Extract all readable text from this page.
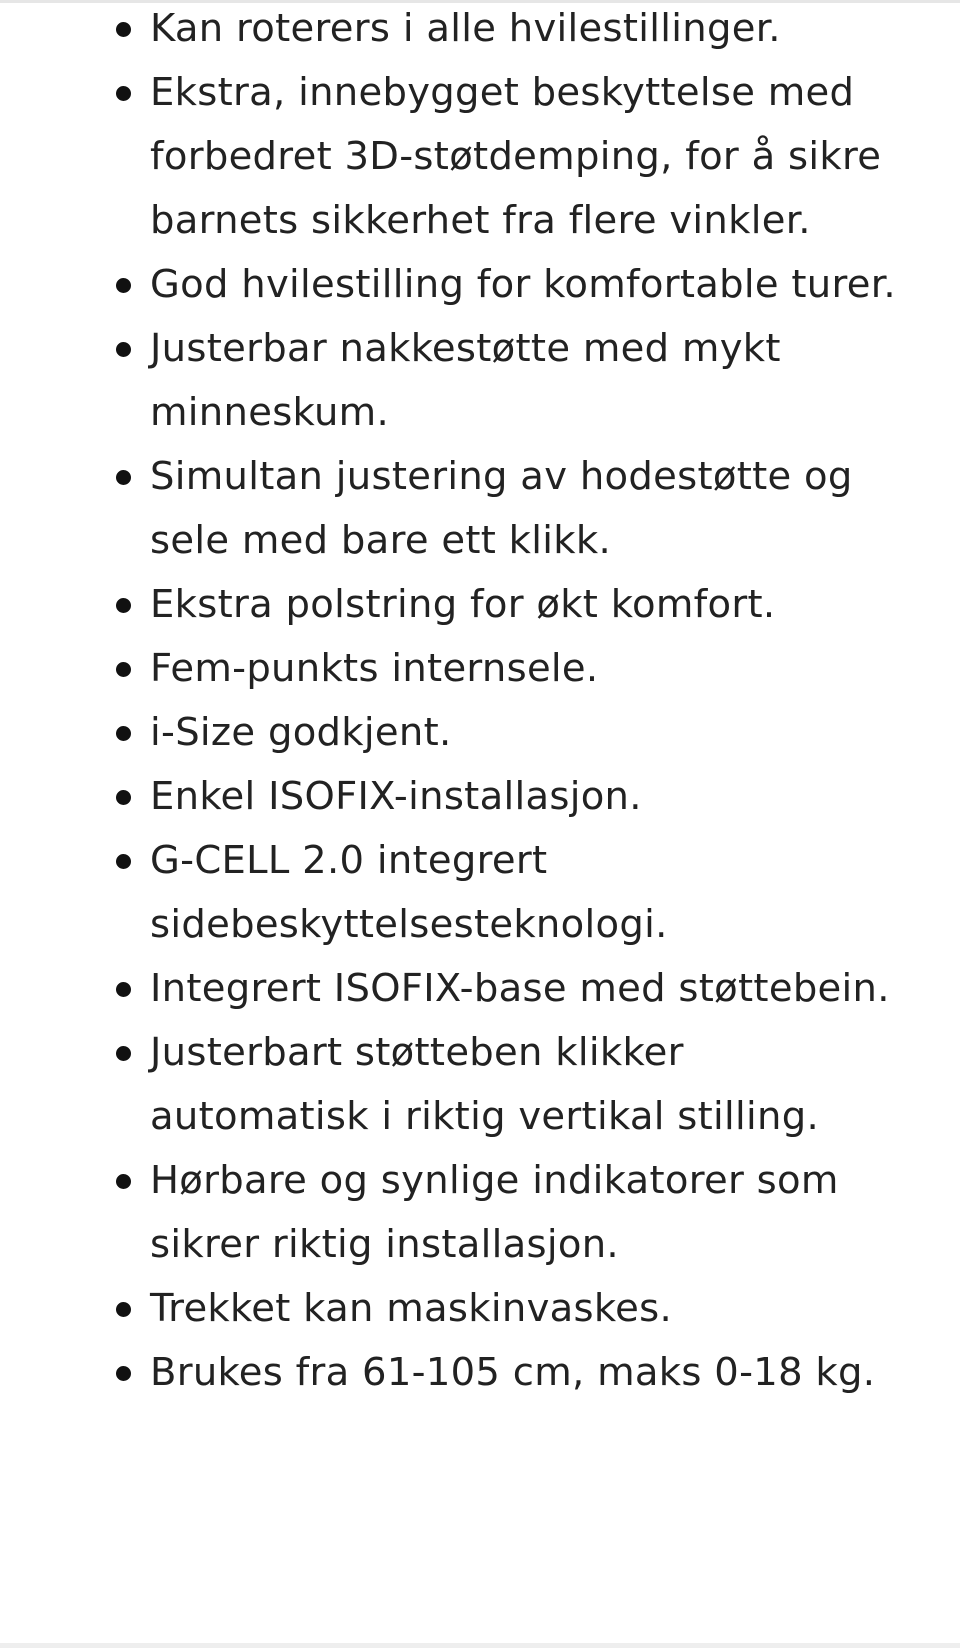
Kan roterers i alle hvilestillinger.
Ekstra, innebygget beskyttelse med forbedret 3D-støtdemping, for å sikre barnets sikkerhet fra flere vinkler.
God hvilestilling for komfortable turer.
Justerbar nakkestøtte med mykt minneskum.
Simultan justering av hodestøtte og sele med bare ett klikk.
Ekstra polstring for økt komfort.
Fem-punkts internsele.
i-Size godkjent.
Enkel ISOFIX-installasjon.
G-CELL 2.0 integrert sidebeskyttelsesteknologi.
Integrert ISOFIX-base med støttebein.
Justerbart støtteben klikker automatisk i riktig vertikal stilling.
Hørbare og synlige indikatorer som sikrer riktig installasjon.
Trekket kan maskinvaskes.
Brukes fra 61-105 cm, maks 0-18 kg.
